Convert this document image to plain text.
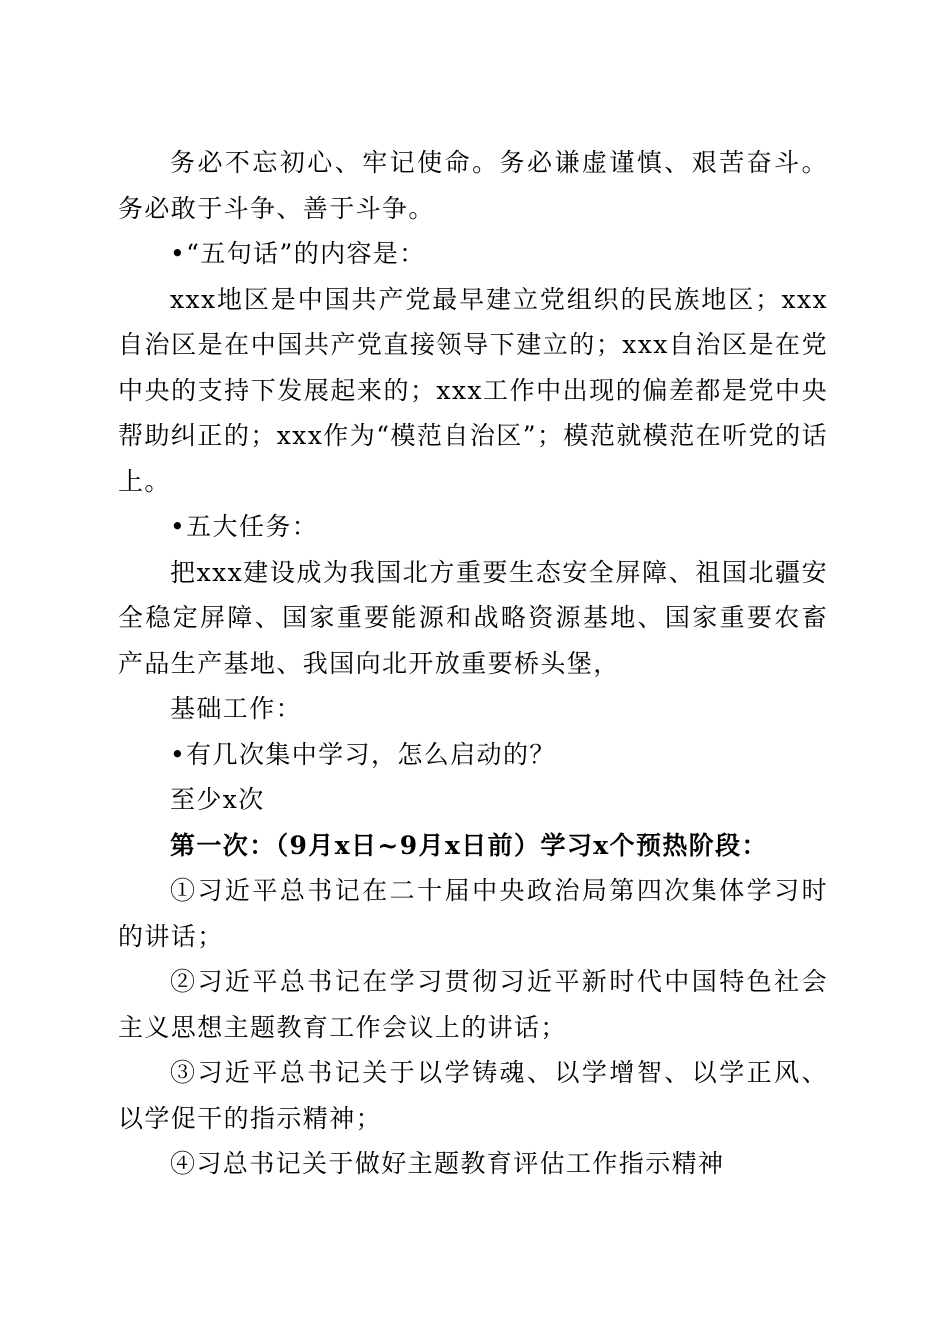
务必不忘初心、牢记使命。务必谦虚谨慎、艰苦奋斗。务必敢于斗争、善于斗争。

•“五句话”的内容是：

xxx地区是中国共产党最早建立党组织的民族地区；xxx自治区是在中国共产党直接领导下建立的；xxx自治区是在党中央的支持下发展起来的；xxx工作中出现的偏差都是党中央帮助纠正的；xxx作为“模范自治区”；模范就模范在听党的话上。

•五大任务：

把xxx建设成为我国北方重要生态安全屏障、祖国北疆安全稳定屏障、国家重要能源和战略资源基地、国家重要农畜产品生产基地、我国向北开放重要桥头堡，

基础工作：

•有几次集中学习，怎么启动的？

至少x次

第一次：（9月x日~9月x日前）学习x个预热阶段：

①习近平总书记在二十届中央政治局第四次集体学习时的讲话；

②习近平总书记在学习贯彻习近平新时代中国特色社会主义思想主题教育工作会议上的讲话；

③习近平总书记关于以学铸魂、以学增智、以学正风、以学促干的指示精神；

④习总书记关于做好主题教育评估工作指示精神
